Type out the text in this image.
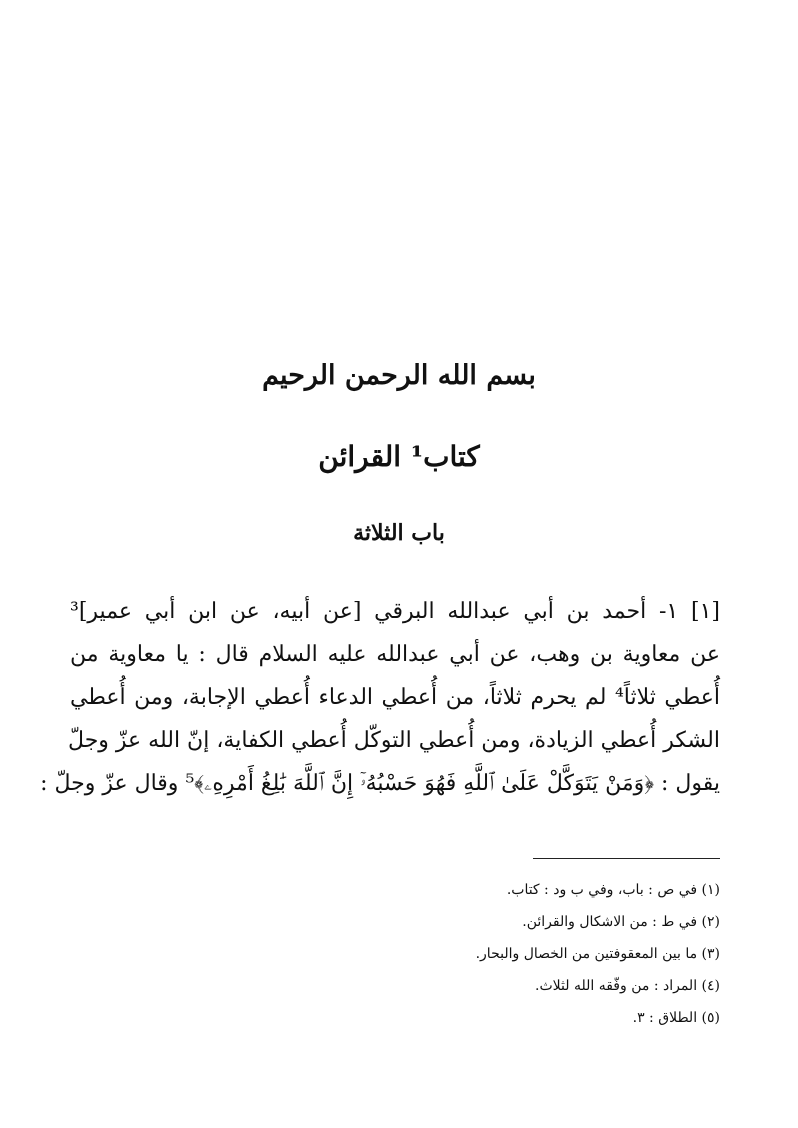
بسم الله الرحمن الرحيم
كتاب¹ القرائن
باب الثلاثة
[١] ١- أحمد بن أبي عبدالله البرقي [عن أبيه، عن ابن أبي عمير]³
عن معاوية بن وهب، عن أبي عبدالله عليه السلام قال : يا معاوية من
أُعطي ثلاثاً⁴ لم يحرم ثلاثاً، من أُعطي الدعاء أُعطي الإجابة، ومن أُعطي
الشكر أُعطي الزيادة، ومن أُعطي التوكّل أُعطي الكفاية، إنّ الله عزّ وجلّ
يقول : ﴿وَمَنْ يَتَوَكَّلْ عَلَىٰ ٱللَّهِ فَهُوَ حَسْبُهُۥٓ إِنَّ ٱللَّهَ بَٰلِغُ أَمْرِهِۦ﴾⁵ وقال عزّ وجلّ :
(١) في ص : باب، وفي ب ود : كتاب.
(٢) في ط : من الاشكال والقرائن.
(٣) ما بين المعقوفتين من الخصال والبحار.
(٤) المراد : من وفّقه الله لثلاث.
(٥) الطلاق : ٣.
